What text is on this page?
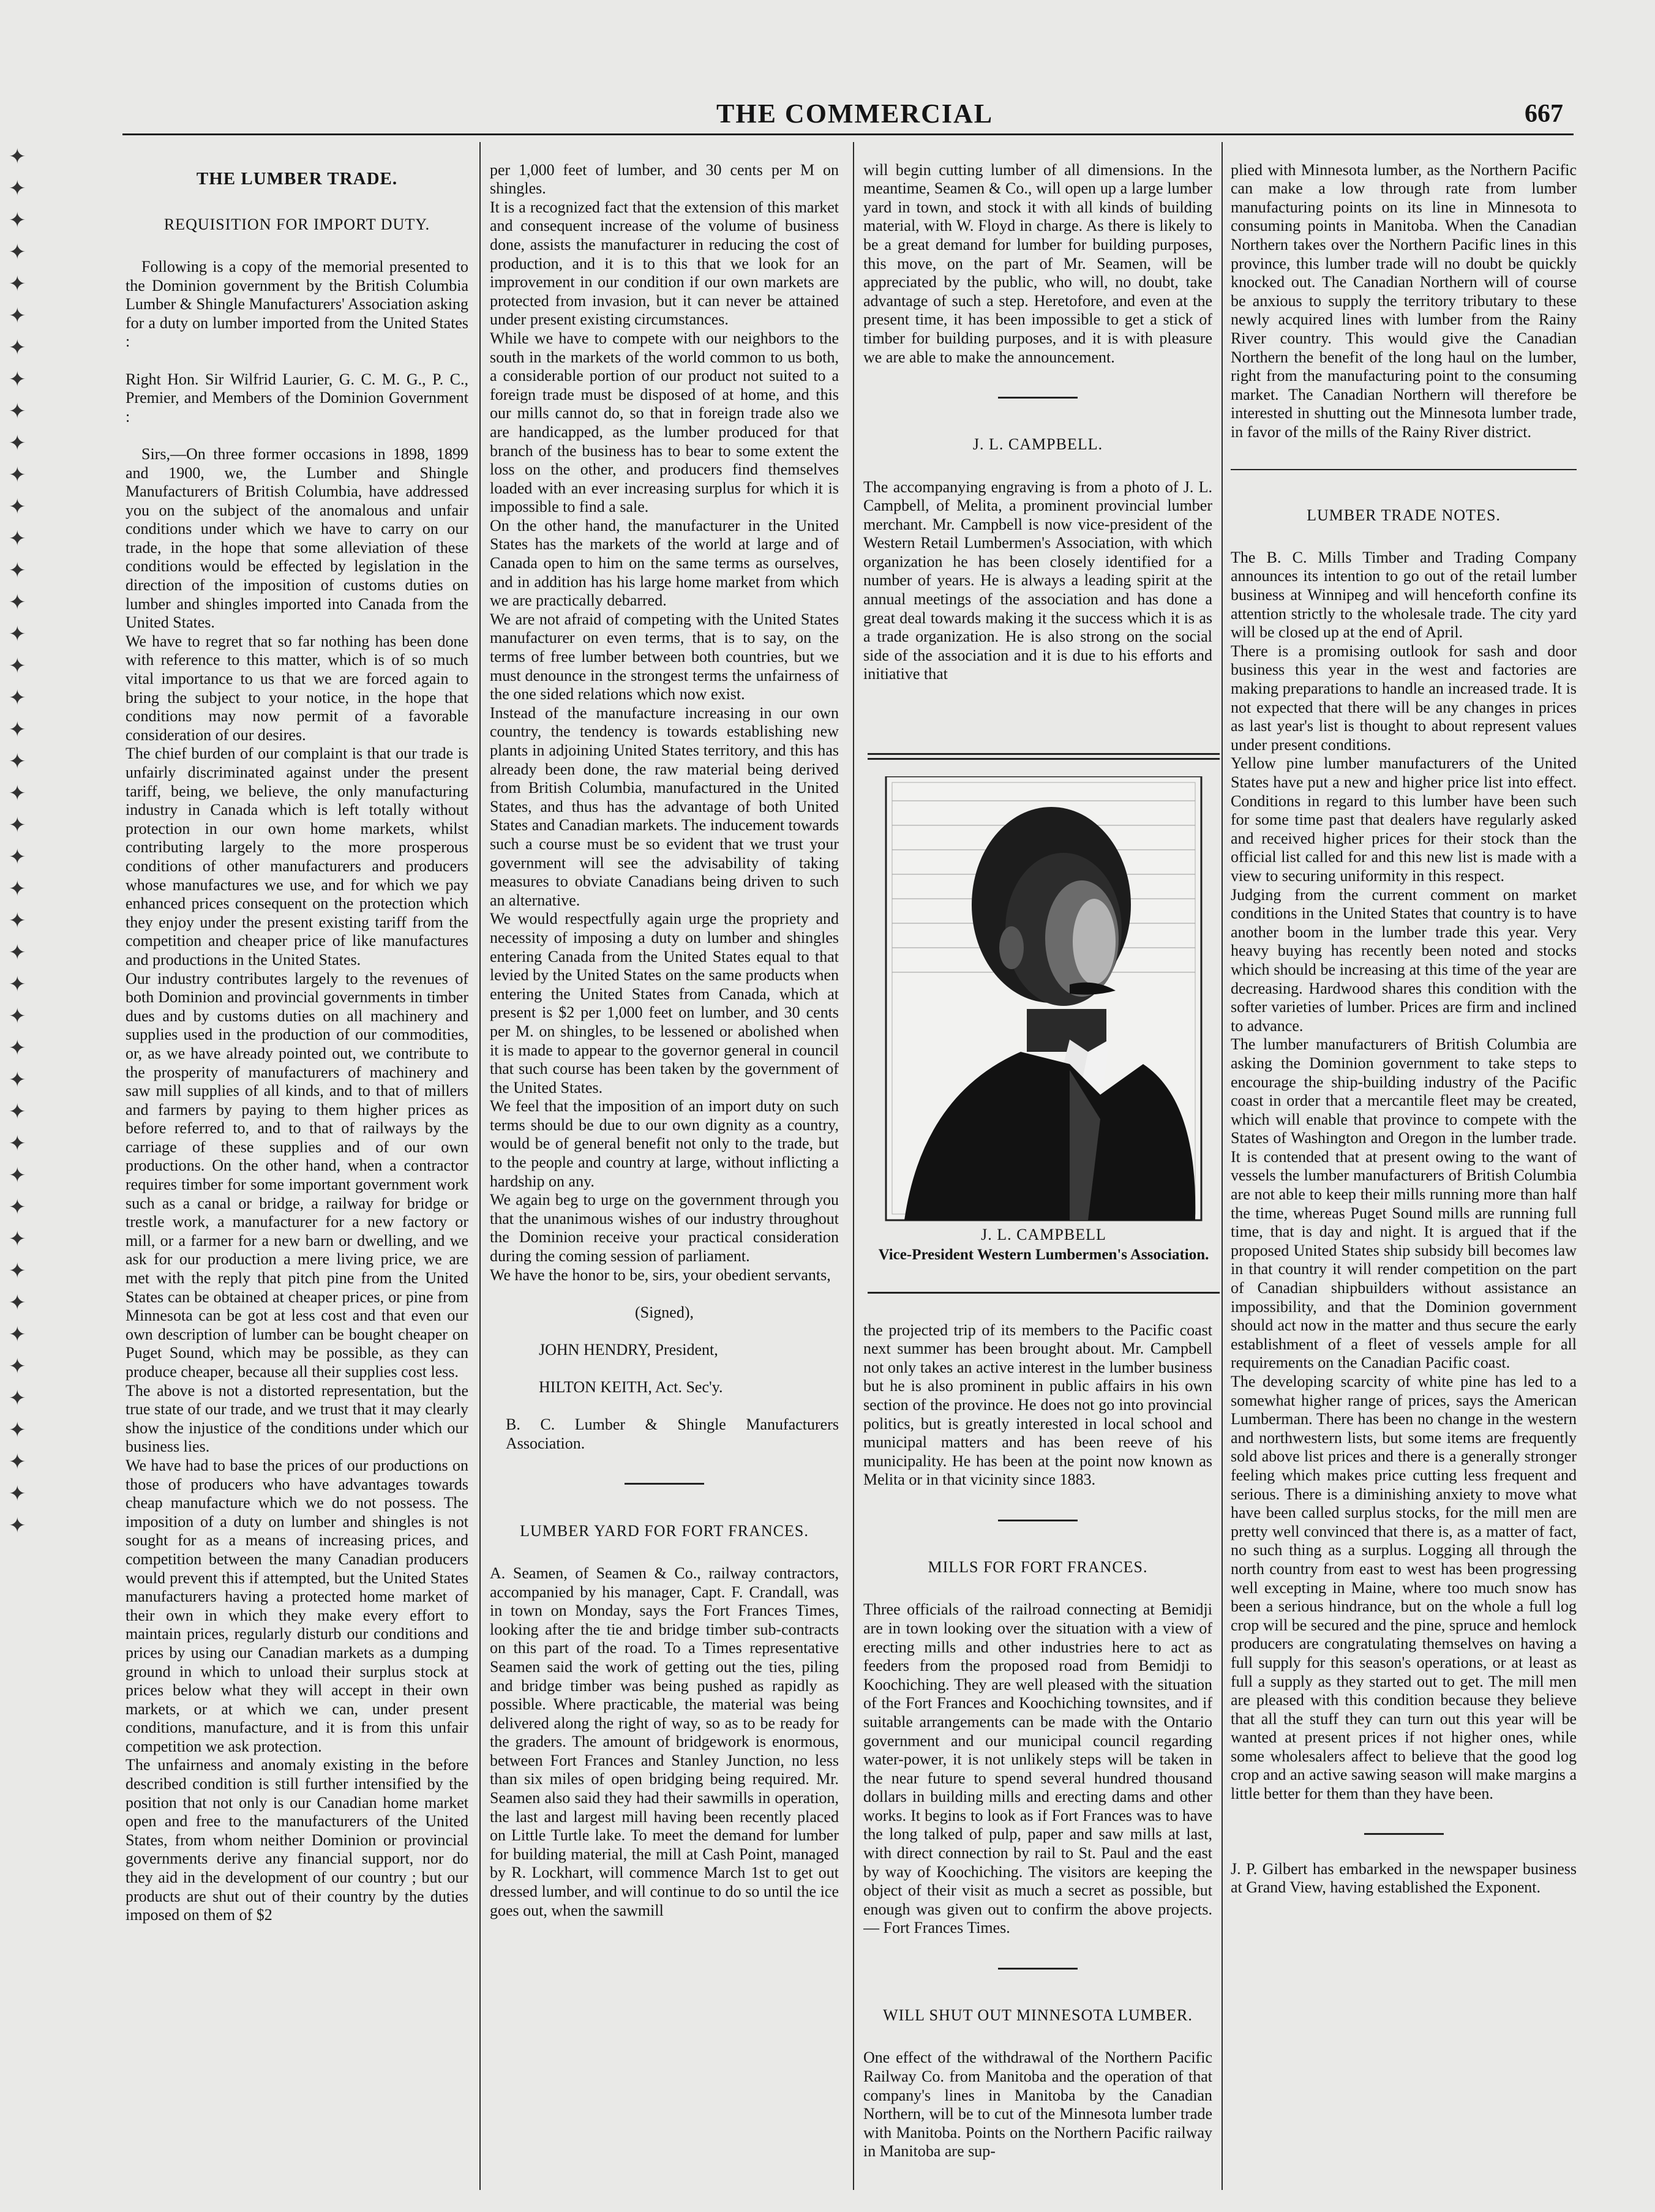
THE COMMERCIAL	667
✦
✦
✦
✦
✦
✦
✦
✦
✦
✦
✦
✦
✦
✦
✦
✦
✦
✦
✦
✦
✦
✦
✦
✦
✦
✦
✦
✦
✦
✦
✦
✦
✦
✦
✦
✦
✦
✦
✦
✦
✦
✦
✦
✦

THE LUMBER TRADE.

REQUISITION FOR IMPORT DUTY.

Following is a copy of the memorial presented to the Dominion government by the British Columbia Lumber & Shingle Manufacturers' Association asking for a duty on lumber imported from the United States :

Right Hon. Sir Wilfrid Laurier, G. C. M. G., P. C., Premier, and Members of the Dominion Government :

Sirs,—On three former occasions in 1898, 1899 and 1900, we, the Lumber and Shingle Manufacturers of British Columbia, have addressed you on the subject of the anomalous and unfair conditions under which we have to carry on our trade, in the hope that some alleviation of these conditions would be effected by legislation in the direction of the imposition of customs duties on lumber and shingles imported into Canada from the United States.
We have to regret that so far nothing has been done with reference to this matter, which is of so much vital importance to us that we are forced again to bring the subject to your notice, in the hope that conditions may now permit of a favorable consideration of our desires.
The chief burden of our complaint is that our trade is unfairly discriminated against under the present tariff, being, we believe, the only manufacturing industry in Canada which is left totally without protection in our own home markets, whilst contributing largely to the more prosperous conditions of other manufacturers and producers whose manufactures we use, and for which we pay enhanced prices consequent on the protection which they enjoy under the present existing tariff from the competition and cheaper price of like manufactures and productions in the United States.
Our industry contributes largely to the revenues of both Dominion and provincial governments in timber dues and by customs duties on all machinery and supplies used in the production of our commodities, or, as we have already pointed out, we contribute to the prosperity of manufacturers of machinery and saw mill supplies of all kinds, and to that of millers and farmers by paying to them higher prices as before referred to, and to that of railways by the carriage of these supplies and of our own productions. On the other hand, when a contractor requires timber for some important government work such as a canal or bridge, a railway for bridge or trestle work, a manufacturer for a new factory or mill, or a farmer for a new barn or dwelling, and we ask for our production a mere living price, we are met with the reply that pitch pine from the United States can be obtained at cheaper prices, or pine from Minnesota can be got at less cost and that even our own description of lumber can be bought cheaper on Puget Sound, which may be possible, as they can produce cheaper, because all their supplies cost less.
The above is not a distorted representation, but the true state of our trade, and we trust that it may clearly show the injustice of the conditions under which our business lies.
We have had to base the prices of our productions on those of producers who have advantages towards cheap manufacture which we do not possess. The imposition of a duty on lumber and shingles is not sought for as a means of increasing prices, and competition between the many Canadian producers would prevent this if attempted, but the United States manufacturers having a protected home market of their own in which they make every effort to maintain prices, regularly disturb our conditions and prices by using our Canadian markets as a dumping ground in which to unload their surplus stock at prices below what they will accept in their own markets, or at which we can, under present conditions, manufacture, and it is from this unfair competition we ask protection.
The unfairness and anomaly existing in the before described condition is still further intensified by the position that not only is our Canadian home market open and free to the manufacturers of the United States, from whom neither Dominion or provincial governments derive any financial support, nor do they aid in the development of our country ; but our products are shut out of their country by the duties imposed on them of $2

per 1,000 feet of lumber, and 30 cents per M on shingles.
It is a recognized fact that the extension of this market and consequent increase of the volume of business done, assists the manufacturer in reducing the cost of production, and it is to this that we look for an improvement in our condition if our own markets are protected from invasion, but it can never be attained under present existing circumstances.
While we have to compete with our neighbors to the south in the markets of the world common to us both, a considerable portion of our product not suited to a foreign trade must be disposed of at home, and this our mills cannot do, so that in foreign trade also we are handicapped, as the lumber produced for that branch of the business has to bear to some extent the loss on the other, and producers find themselves loaded with an ever increasing surplus for which it is impossible to find a sale.
On the other hand, the manufacturer in the United States has the markets of the world at large and of Canada open to him on the same terms as ourselves, and in addition has his large home market from which we are practically debarred.
We are not afraid of competing with the United States manufacturer on even terms, that is to say, on the terms of free lumber between both countries, but we must denounce in the strongest terms the unfairness of the one sided relations which now exist.
Instead of the manufacture increasing in our own country, the tendency is towards establishing new plants in adjoining United States territory, and this has already been done, the raw material being derived from British Columbia, manufactured in the United States, and thus has the advantage of both United States and Canadian markets. The inducement towards such a course must be so evident that we trust your government will see the advisability of taking measures to obviate Canadians being driven to such an alternative.
We would respectfully again urge the propriety and necessity of imposing a duty on lumber and shingles entering Canada from the United States equal to that levied by the United States on the same products when entering the United States from Canada, which at present is $2 per 1,000 feet on lumber, and 30 cents per M. on shingles, to be lessened or abolished when it is made to appear to the governor general in council that such course has been taken by the government of the United States.
We feel that the imposition of an import duty on such terms should be due to our own dignity as a country, would be of general benefit not only to the trade, but to the people and country at large, without inflicting a hardship on any.
We again beg to urge on the government through you that the unanimous wishes of our industry throughout the Dominion receive your practical consideration during the coming session of parliament.
We have the honor to be, sirs, your obedient servants,

(Signed),

JOHN HENDRY, President,

HILTON KEITH, Act. Sec'y.

B. C. Lumber & Shingle Manufacturers Association.

LUMBER YARD FOR FORT FRANCES.

A. Seamen, of Seamen & Co., railway contractors, accompanied by his manager, Capt. F. Crandall, was in town on Monday, says the Fort Frances Times, looking after the tie and bridge timber sub-contracts on this part of the road. To a Times representative Seamen said the work of getting out the ties, piling and bridge timber was being pushed as rapidly as possible. Where practicable, the material was being delivered along the right of way, so as to be ready for the graders. The amount of bridgework is enormous, between Fort Frances and Stanley Junction, no less than six miles of open bridging being required. Mr. Seamen also said they had their sawmills in operation, the last and largest mill having been recently placed on Little Turtle lake. To meet the demand for lumber for building material, the mill at Cash Point, managed by R. Lockhart, will commence March 1st to get out dressed lumber, and will continue to do so until the ice goes out, when the sawmill

will begin cutting lumber of all dimensions. In the meantime, Seamen & Co., will open up a large lumber yard in town, and stock it with all kinds of building material, with W. Floyd in charge. As there is likely to be a great demand for lumber for building purposes, this move, on the part of Mr. Seamen, will be appreciated by the public, who will, no doubt, take advantage of such a step. Heretofore, and even at the present time, it has been impossible to get a stick of timber for building purposes, and it is with pleasure we are able to make the announcement.

J. L. CAMPBELL.

The accompanying engraving is from a photo of J. L. Campbell, of Melita, a prominent provincial lumber merchant. Mr. Campbell is now vice-president of the Western Retail Lumbermen's Association, with which organization he has been closely identified for a number of years. He is always a leading spirit at the annual meetings of the association and has done a great deal towards making it the success which it is as a trade organization. He is also strong on the social side of the association and it is due to his efforts and initiative that

the projected trip of its members to the Pacific coast next summer has been brought about. Mr. Campbell not only takes an active interest in the lumber business but he is also prominent in public affairs in his own section of the province. He does not go into provincial politics, but is greatly interested in local school and municipal matters and has been reeve of his municipality. He has been at the point now known as Melita or in that vicinity since 1883.

MILLS FOR FORT FRANCES.

Three officials of the railroad connecting at Bemidji are in town looking over the situation with a view of erecting mills and other industries here to act as feeders from the proposed road from Bemidji to Koochiching. They are well pleased with the situation of the Fort Frances and Koochiching townsites, and if suitable arrangements can be made with the Ontario government and our municipal council regarding water-power, it is not unlikely steps will be taken in the near future to spend several hundred thousand dollars in building mills and erecting dams and other works. It begins to look as if Fort Frances was to have the long talked of pulp, paper and saw mills at last, with direct connection by rail to St. Paul and the east by way of Koochiching. The visitors are keeping the object of their visit as much a secret as possible, but enough was given out to confirm the above projects.— Fort Frances Times.

WILL SHUT OUT MINNESOTA LUMBER.

One effect of the withdrawal of the Northern Pacific Railway Co. from Manitoba and the operation of that company's lines in Manitoba by the Canadian Northern, will be to cut of the Minnesota lumber trade with Manitoba. Points on the Northern Pacific railway in Manitoba are sup-

J. L. CAMPBELL
Vice-President Western Lumbermen's Association.

plied with Minnesota lumber, as the Northern Pacific can make a low through rate from lumber manufacturing points on its line in Minnesota to consuming points in Manitoba. When the Canadian Northern takes over the Northern Pacific lines in this province, this lumber trade will no doubt be quickly knocked out. The Canadian Northern will of course be anxious to supply the territory tributary to these newly acquired lines with lumber from the Rainy River country. This would give the Canadian Northern the benefit of the long haul on the lumber, right from the manufacturing point to the consuming market. The Canadian Northern will therefore be interested in shutting out the Minnesota lumber trade, in favor of the mills of the Rainy River district.

LUMBER TRADE NOTES.

The B. C. Mills Timber and Trading Company announces its intention to go out of the retail lumber business at Winnipeg and will henceforth confine its attention strictly to the wholesale trade. The city yard will be closed up at the end of April.
There is a promising outlook for sash and door business this year in the west and factories are making preparations to handle an increased trade. It is not expected that there will be any changes in prices as last year's list is thought to about represent values under present conditions.
Yellow pine lumber manufacturers of the United States have put a new and higher price list into effect. Conditions in regard to this lumber have been such for some time past that dealers have regularly asked and received higher prices for their stock than the official list called for and this new list is made with a view to securing uniformity in this respect.
Judging from the current comment on market conditions in the United States that country is to have another boom in the lumber trade this year. Very heavy buying has recently been noted and stocks which should be increasing at this time of the year are decreasing. Hardwood shares this condition with the softer varieties of lumber. Prices are firm and inclined to advance.
The lumber manufacturers of British Columbia are asking the Dominion government to take steps to encourage the ship-building industry of the Pacific coast in order that a mercantile fleet may be created, which will enable that province to compete with the States of Washington and Oregon in the lumber trade. It is contended that at present owing to the want of vessels the lumber manufacturers of British Columbia are not able to keep their mills running more than half the time, whereas Puget Sound mills are running full time, that is day and night. It is argued that if the proposed United States ship subsidy bill becomes law in that country it will render competition on the part of Canadian shipbuilders without assistance an impossibility, and that the Dominion government should act now in the matter and thus secure the early establishment of a fleet of vessels ample for all requirements on the Canadian Pacific coast.
The developing scarcity of white pine has led to a somewhat higher range of prices, says the American Lumberman. There has been no change in the western and northwestern lists, but some items are frequently sold above list prices and there is a generally stronger feeling which makes price cutting less frequent and serious. There is a diminishing anxiety to move what have been called surplus stocks, for the mill men are pretty well convinced that there is, as a matter of fact, no such thing as a surplus. Logging all through the north country from east to west has been progressing well excepting in Maine, where too much snow has been a serious hindrance, but on the whole a full log crop will be secured and the pine, spruce and hemlock producers are congratulating themselves on having a full supply for this season's operations, or at least as full a supply as they started out to get. The mill men are pleased with this condition because they believe that all the stuff they can turn out this year will be wanted at present prices if not higher ones, while some wholesalers affect to believe that the good log crop and an active sawing season will make margins a little better for them than they have been.

J. P. Gilbert has embarked in the newspaper business at Grand View, having established the Exponent.
